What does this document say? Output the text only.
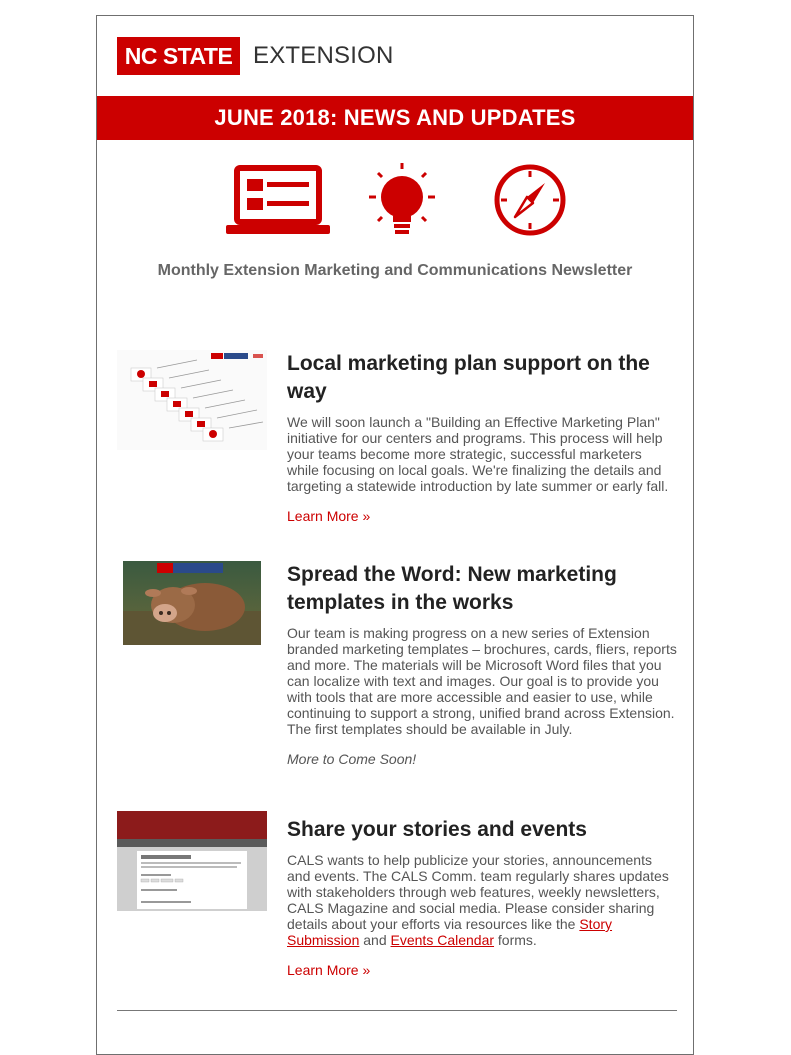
NC STATE EXTENSION
JUNE 2018: NEWS AND UPDATES
Monthly Extension Marketing and Communications Newsletter
Local marketing plan support on the way

We will soon launch a "Building an Effective Marketing Plan" initiative for our centers and programs. This process will help your teams become more strategic, successful marketers while focusing on local goals. We're finalizing the details and targeting a statewide introduction by late summer or early fall.

Learn More »
Spread the Word: New marketing templates in the works

Our team is making progress on a new series of Extension branded marketing templates – brochures, cards, fliers, reports and more. The materials will be Microsoft Word files that you can localize with text and images. Our goal is to provide you with tools that are more accessible and easier to use, while continuing to support a strong, unified brand across Extension. The first templates should be available in July.

More to Come Soon!
Share your stories and events

CALS wants to help publicize your stories, announcements and events. The CALS Comm. team regularly shares updates with stakeholders through web features, weekly newsletters, CALS Magazine and social media. Please consider sharing details about your efforts via resources like the Story Submission and Events Calendar forms.

Learn More »
